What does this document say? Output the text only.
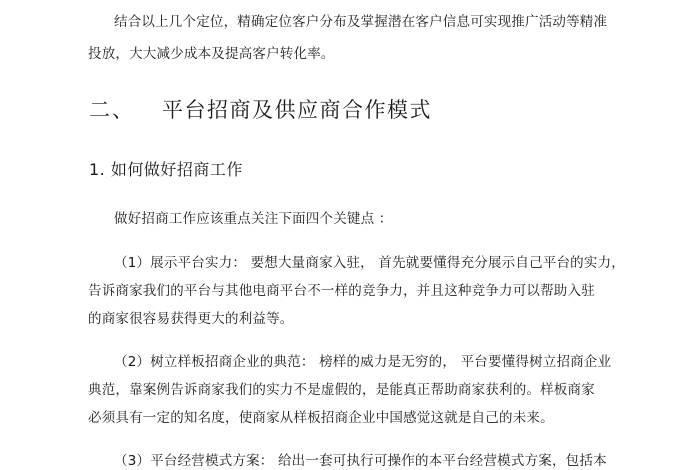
结合以上几个定位，精确定位客户分布及掌握潜在客户信息可实现推广活动等精准
投放，大大减少成本及提高客户转化率。
二、 平台招商及供应商合作模式
1. 如何做好招商工作
做好招商工作应该重点关注下面四个关键点 ：
（1）展示平台实力： 要想大量商家入驻， 首先就要懂得充分展示自己平台的实力，
告诉商家我们的平台与其他电商平台不一样的竞争力，并且这种竞争力可以帮助入驻
的商家很容易获得更大的利益等。
（2）树立样板招商企业的典范： 榜样的威力是无穷的， 平台要懂得树立招商企业
典范，靠案例告诉商家我们的实力不是虚假的，是能真正帮助商家获利的。样板商家
必须具有一定的知名度，使商家从样板招商企业中国感觉这就是自己的未来。
（3）平台经营模式方案： 给出一套可执行可操作的本平台经营模式方案，包括本
